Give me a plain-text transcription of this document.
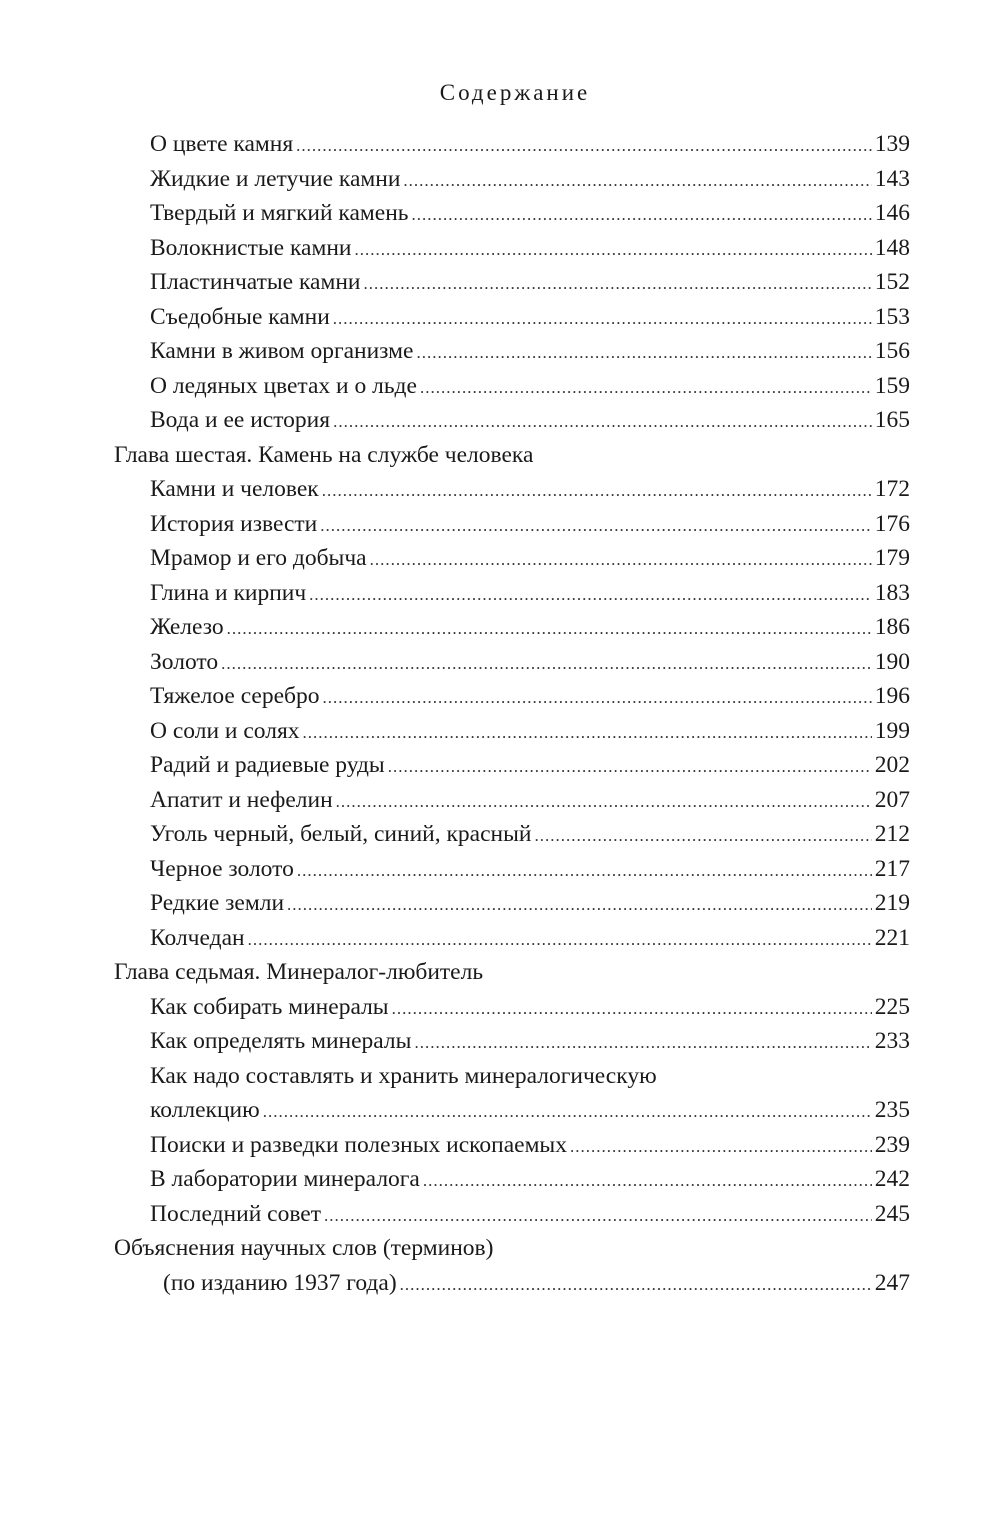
Содержание
О цвете камня .....	139
Жидкие и летучие камни .....	143
Твердый и мягкий камень .....	146
Волокнистые камни .....	148
Пластинчатые камни .....	152
Съедобные камни .....	153
Камни в живом организме .....	156
О ледяных цветах и о льде .....	159
Вода и ее история .....	165
Глава шестая. Камень на службе человека
Камни и человек .....	172
История извести .....	176
Мрамор и его добыча .....	179
Глина и кирпич .....	183
Железо .....	186
Золото .....	190
Тяжелое серебро .....	196
О соли и солях .....	199
Радий и радиевые руды .....	202
Апатит и нефелин .....	207
Уголь черный, белый, синий, красный .....	212
Черное золото .....	217
Редкие земли .....	219
Колчедан .....	221
Глава седьмая. Минералог-любитель
Как собирать минералы .....	225
Как определять минералы .....	233
Как надо составлять и хранить минералогическую
коллекцию .....	235
Поиски и разведки полезных ископаемых .....	239
В лаборатории минералога .....	242
Последний совет .....	245
Объяснения научных слов (терминов)
(по изданию 1937 года) .....	247
